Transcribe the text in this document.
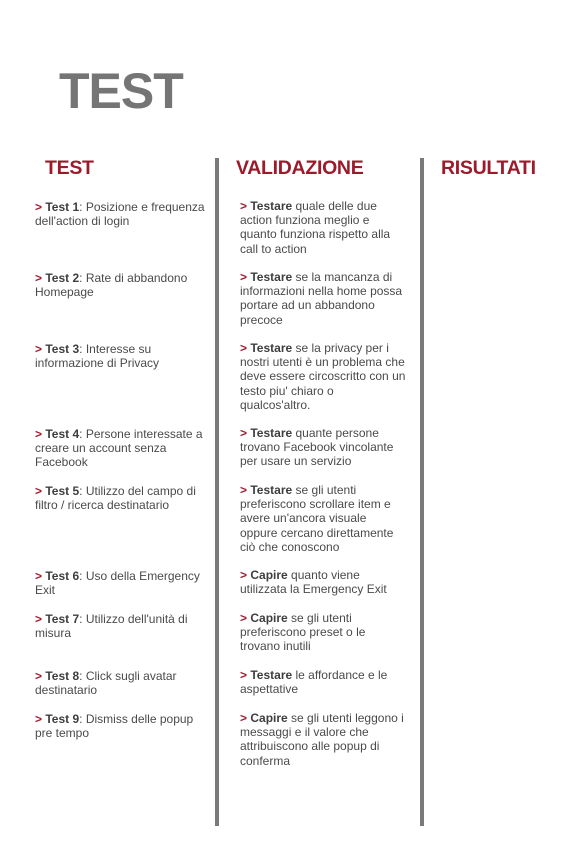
TEST
TEST	VALIDAZIONE	RISULTATI

> Test 1: Posizione e frequenza dell'action di login

> Test 2: Rate di abbandono Homepage

> Test 3: Interesse su informazione di Privacy

> Test 4: Persone interessate a creare un account senza Facebook

> Test 5: Utilizzo del campo di filtro / ricerca destinatario

> Test 6: Uso della Emergency Exit

> Test 7: Utilizzo dell'unità di misura

> Test 8: Click sugli avatar destinatario

> Test 9: Dismiss delle popup pre tempo

> Testare quale delle due action funziona meglio e quanto funziona rispetto alla call to action

> Testare se la mancanza di informazioni nella home possa portare ad un abbandono precoce

> Testare se la privacy per i nostri utenti è un problema che deve essere circoscritto con un testo piu' chiaro o qualcos'altro.

> Testare quante persone trovano Facebook vincolante per usare un servizio

> Testare se gli utenti preferiscono scrollare item e avere un'ancora visuale oppure cercano direttamente ciò che conoscono

> Capire quanto viene utilizzata la Emergency Exit

> Capire se gli utenti preferiscono preset o le trovano inutili

> Testare le affordance e le aspettative

> Capire se gli utenti leggono i messaggi e il valore che attribuiscono alle popup di conferma
